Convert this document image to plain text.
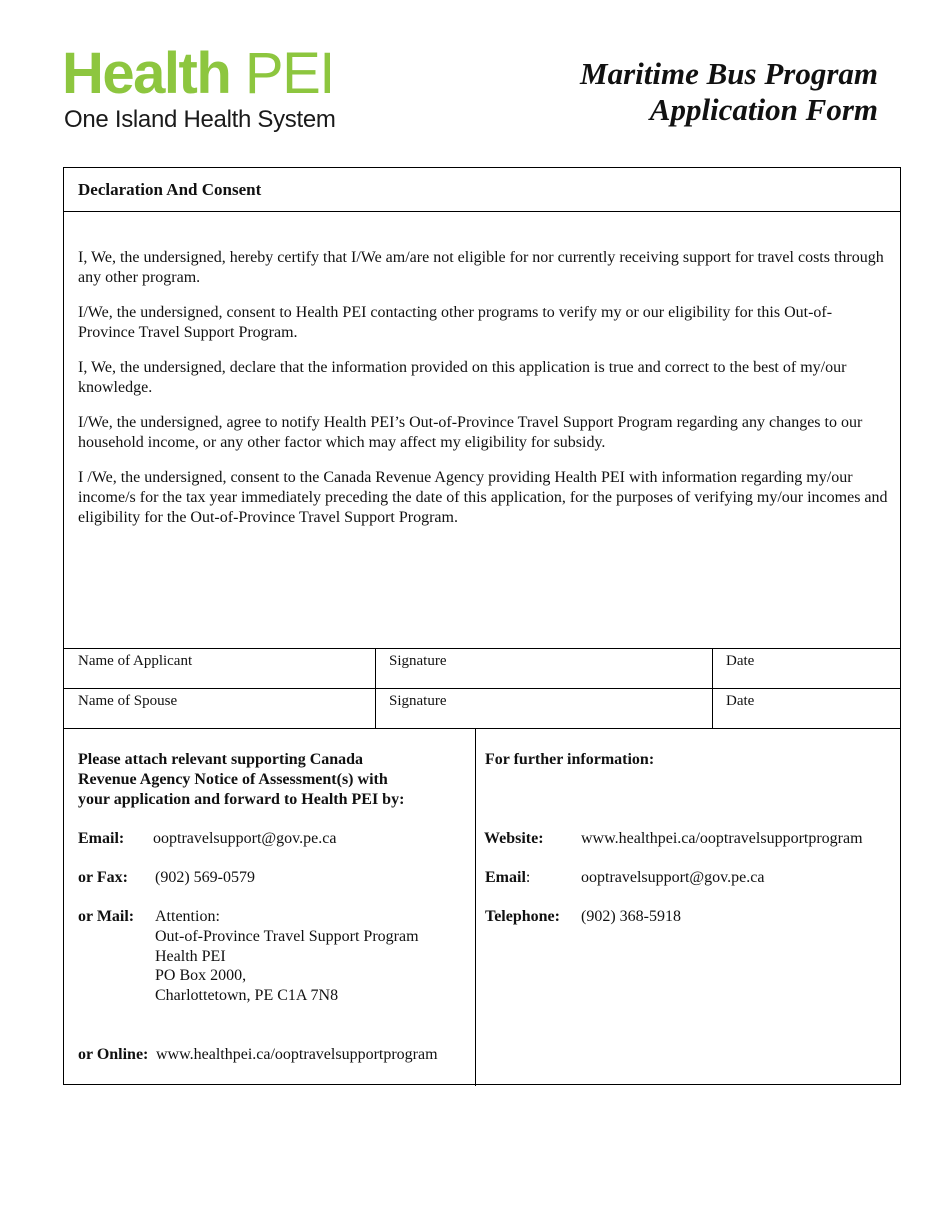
Health PEI
One Island Health System
Maritime Bus Program
Application Form
Declaration And Consent
I, We, the undersigned, hereby certify that I/We am/are not eligible for nor currently receiving support for travel costs through any other program.
I/We, the undersigned, consent to Health PEI contacting other programs to verify my or our eligibility for this Out-of-Province Travel Support Program.
I, We, the undersigned, declare that the information provided on this application is true and correct to the best of my/our knowledge.
I/We, the undersigned, agree to notify Health PEI’s Out-of-Province Travel Support Program regarding any changes to our household income, or any other factor which may affect my eligibility for subsidy.
I /We, the undersigned, consent to the Canada Revenue Agency providing Health PEI with information regarding my/our income/s for the tax year immediately preceding the date of this application, for the purposes of verifying my/our incomes and eligibility for the Out-of-Province Travel Support Program.
Name of Applicant	Signature	Date
Name of Spouse	Signature	Date
Please attach relevant supporting Canada
Revenue Agency Notice of Assessment(s) with
your application and forward to Health PEI by:
Email: ooptravelsupport@gov.pe.ca
or Fax: (902) 569-0579
or Mail: Attention:
Out-of-Province Travel Support Program
Health PEI
PO Box 2000,
Charlottetown, PE C1A 7N8
or Online: www.healthpei.ca/ooptravelsupportprogram
For further information:
Website: www.healthpei.ca/ooptravelsupportprogram
Email:	ooptravelsupport@gov.pe.ca
Telephone: (902) 368-5918
